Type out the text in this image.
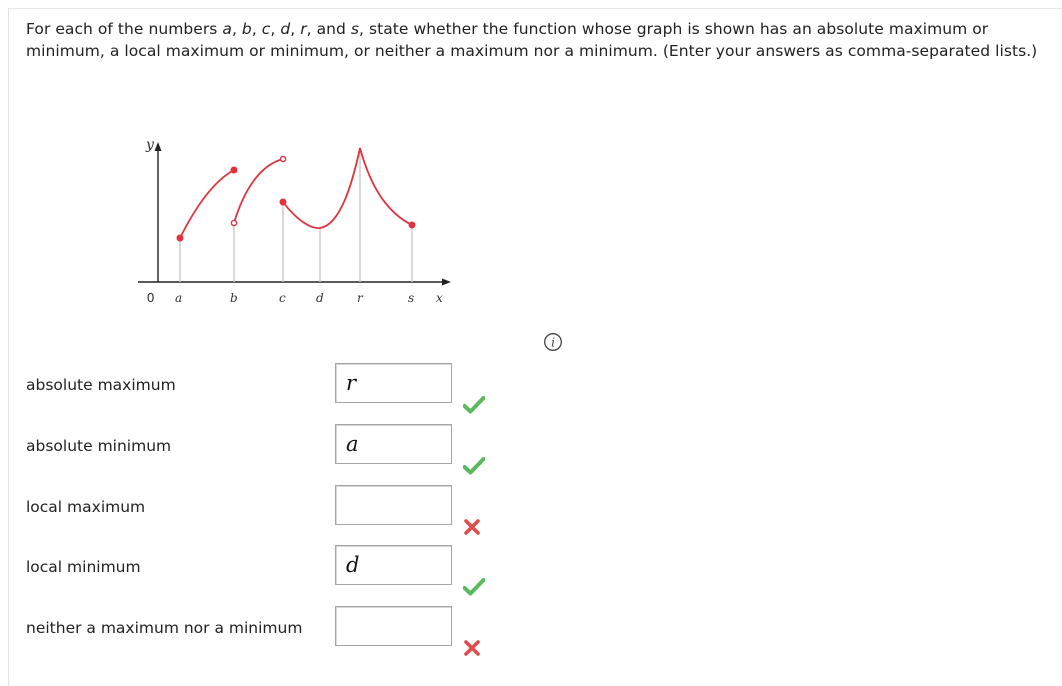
For each of the numbers a, b, c, d, r, and s, state whether the function whose graph is shown has an absolute maximum or minimum, a local maximum or minimum, or neither a maximum nor a minimum. (Enter your answers as comma-separated lists.)
y
x
0 a	b	c	d	r	s
i
absolute maximum	r
absolute minimum	a
local maximum
local minimum	d
neither a maximum nor a minimum
